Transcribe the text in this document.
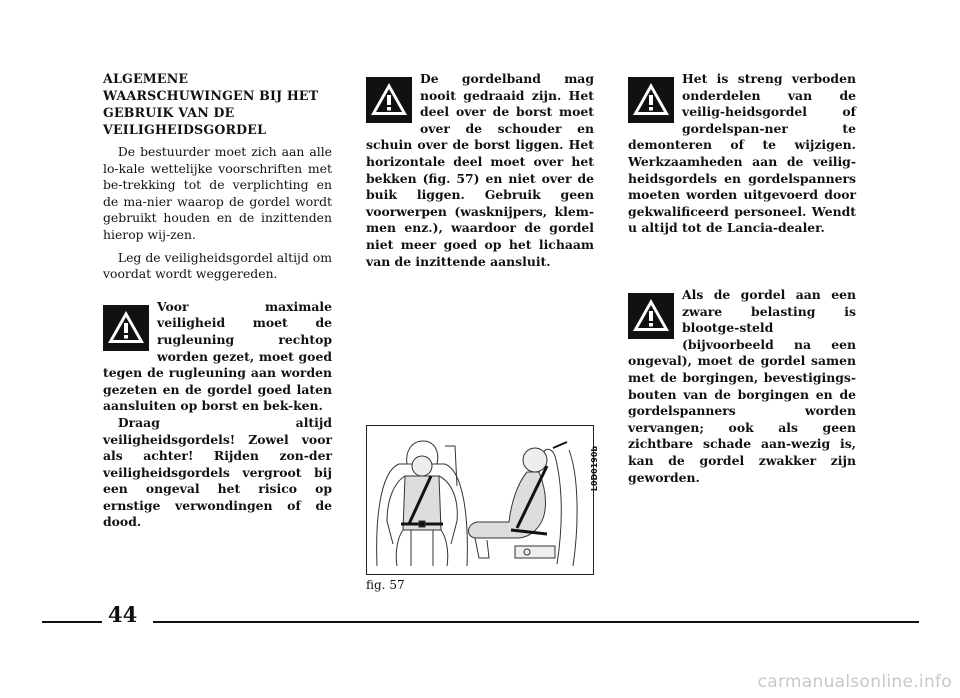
ALGEMENE
WAARSCHUWINGEN BIJ HET
GEBRUIK VAN DE
VEILIGHEIDSGORDEL

De bestuurder moet zich aan alle lo-kale wettelijke voorschriften met be-trekking tot de verplichting en de ma-nier waarop de gordel wordt gebruikt houden en de inzittenden hierop wij-zen.

Leg de veiligheidsgordel altijd om voordat wordt weggereden.

Voor maximale veiligheid moet de rugleuning rechtop worden gezet, moet goed tegen de rugleuning aan worden gezeten en de gordel goed laten aansluiten op borst en bek-ken.

Draag altijd veiligheidsgordels! Zowel voor als achter! Rijden zon-der veiligheidsgordels vergroot bij een ongeval het risico op ernstige verwondingen of de dood.

De gordelband mag nooit gedraaid zijn. Het deel over de borst moet over de schouder en schuin over de borst liggen. Het horizontale deel moet over het bekken (fig. 57) en niet over de buik liggen. Gebruik geen voorwerpen (wasknijpers, klem-men enz.), waardoor de gordel niet meer goed op het lichaam van de inzittende aansluit.

L0D0190b
fig. 57

Het is streng verboden onderdelen van de veilig-heidsgordel of gordelspan-ner te demonteren of te wijzigen. Werkzaamheden aan de veilig-heidsgordels en gordelspanners moeten worden uitgevoerd door gekwalificeerd personeel. Wendt u altijd tot de Lancia-dealer.

Als de gordel aan een zware belasting is blootge-steld (bijvoorbeeld na een ongeval), moet de gordel samen met de borgingen, bevestigings-bouten van de borgingen en de gordelspanners worden vervangen; ook als geen zichtbare schade aan-wezig is, kan de gordel zwakker zijn geworden.

44
carmanualsonline.info
